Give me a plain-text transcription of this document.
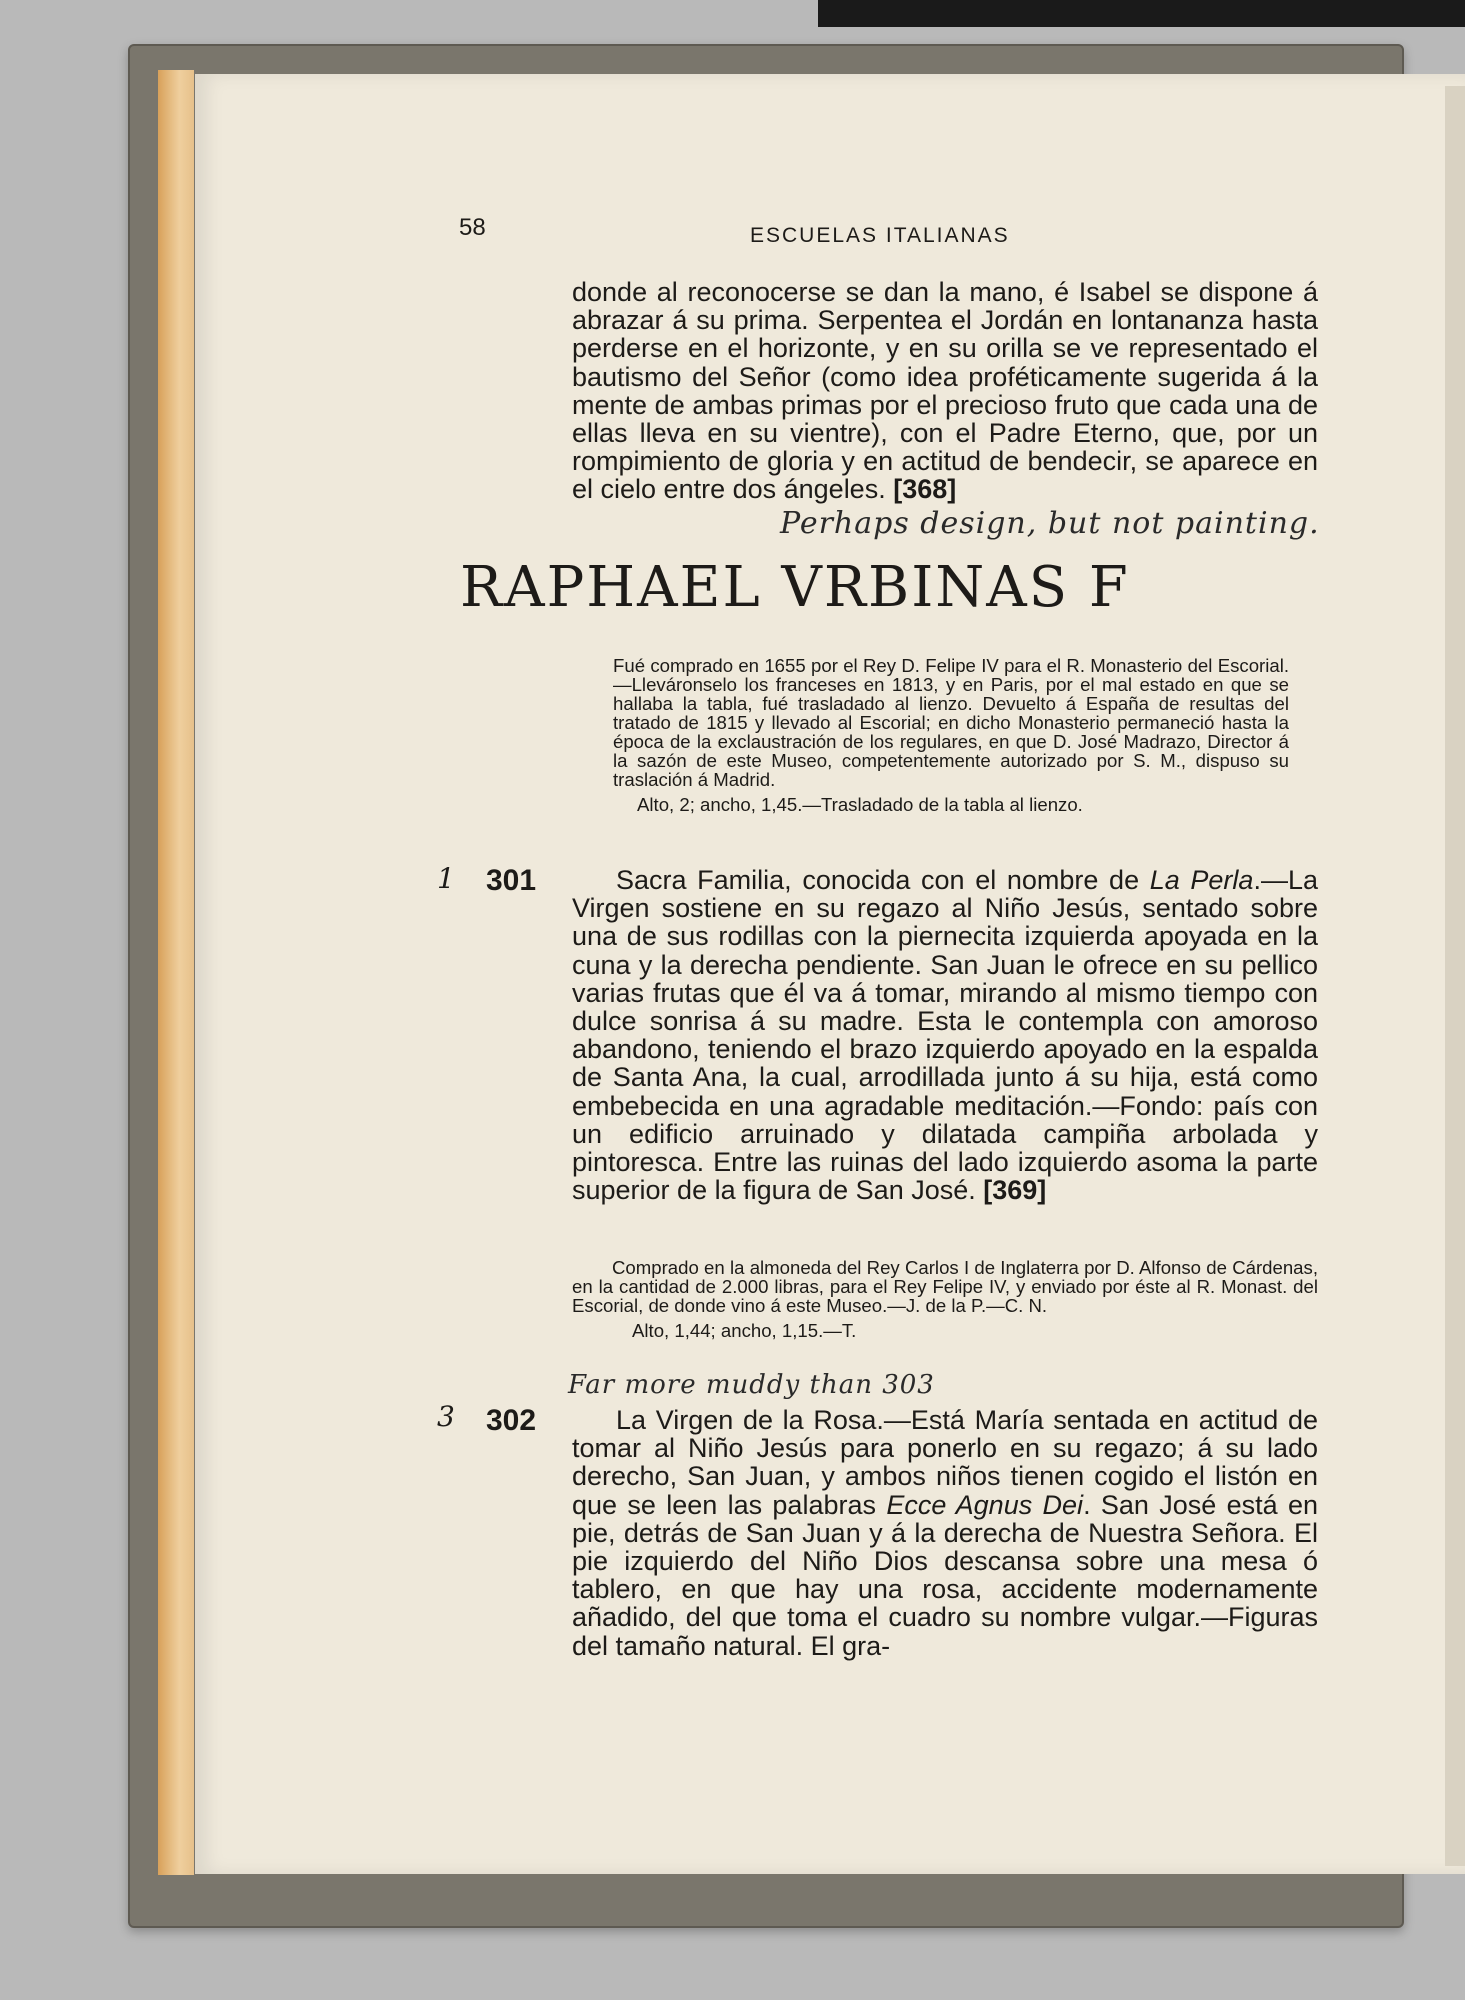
58	ESCUELAS ITALIANAS

donde al reconocerse se dan la mano, é Isabel se dispone á abrazar á su prima. Serpentea el Jordán en lontananza hasta perderse en el horizonte, y en su orilla se ve representado el bautismo del Señor (como idea proféticamente sugerida á la mente de ambas primas por el precioso fruto que cada una de ellas lleva en su vientre), con el Padre Eterno, que, por un rompimiento de gloria y en actitud de bendecir, se aparece en el cielo entre dos ángeles. [368]

Perhaps design, but not painting.
RAPHAEL VRBINAS F

Fué comprado en 1655 por el Rey D. Felipe IV para el R. Monasterio del Escorial.—Lleváronselo los franceses en 1813, y en Paris, por el mal estado en que se hallaba la tabla, fué trasladado al lienzo. Devuelto á España de resultas del tratado de 1815 y llevado al Escorial; en dicho Monasterio permaneció hasta la época de la exclaustración de los regulares, en que D. José Madrazo, Director á la sazón de este Museo, competentemente autorizado por S. M., dispuso su traslación á Madrid.
Alto, 2; ancho, 1,45.—Trasladado de la tabla al lienzo.

1 301	Sacra Familia, conocida con el nombre de La Perla.—La Virgen sostiene en su regazo al Niño Jesús, sentado sobre una de sus rodillas con la piernecita izquierda apoyada en la cuna y la derecha pendiente. San Juan le ofrece en su pellico varias frutas que él va á tomar, mirando al mismo tiempo con dulce sonrisa á su madre. Esta le contempla con amoroso abandono, teniendo el brazo izquierdo apoyado en la espalda de Santa Ana, la cual, arrodillada junto á su hija, está como embebecida en una agradable meditación.—Fondo: país con un edificio arruinado y dilatada campiña arbolada y pintoresca. Entre las ruinas del lado izquierdo asoma la parte superior de la figura de San José. [369]

Comprado en la almoneda del Rey Carlos I de Inglaterra por D. Alfonso de Cárdenas, en la cantidad de 2.000 libras, para el Rey Felipe IV, y enviado por éste al R. Monast. del Escorial, de donde vino á este Museo.—J. de la P.—C. N.
Alto, 1,44; ancho, 1,15.—T.

Far more muddy than 303
3 302	La Virgen de la Rosa.—Está María sentada en actitud de tomar al Niño Jesús para ponerlo en su regazo; á su lado derecho, San Juan, y ambos niños tienen cogido el listón en que se leen las palabras Ecce Agnus Dei. San José está en pie, detrás de San Juan y á la derecha de Nuestra Señora. El pie izquierdo del Niño Dios descansa sobre una mesa ó tablero, en que hay una rosa, accidente modernamente añadido, del que toma el cuadro su nombre vulgar.—Figuras del tamaño natural. El gra-
